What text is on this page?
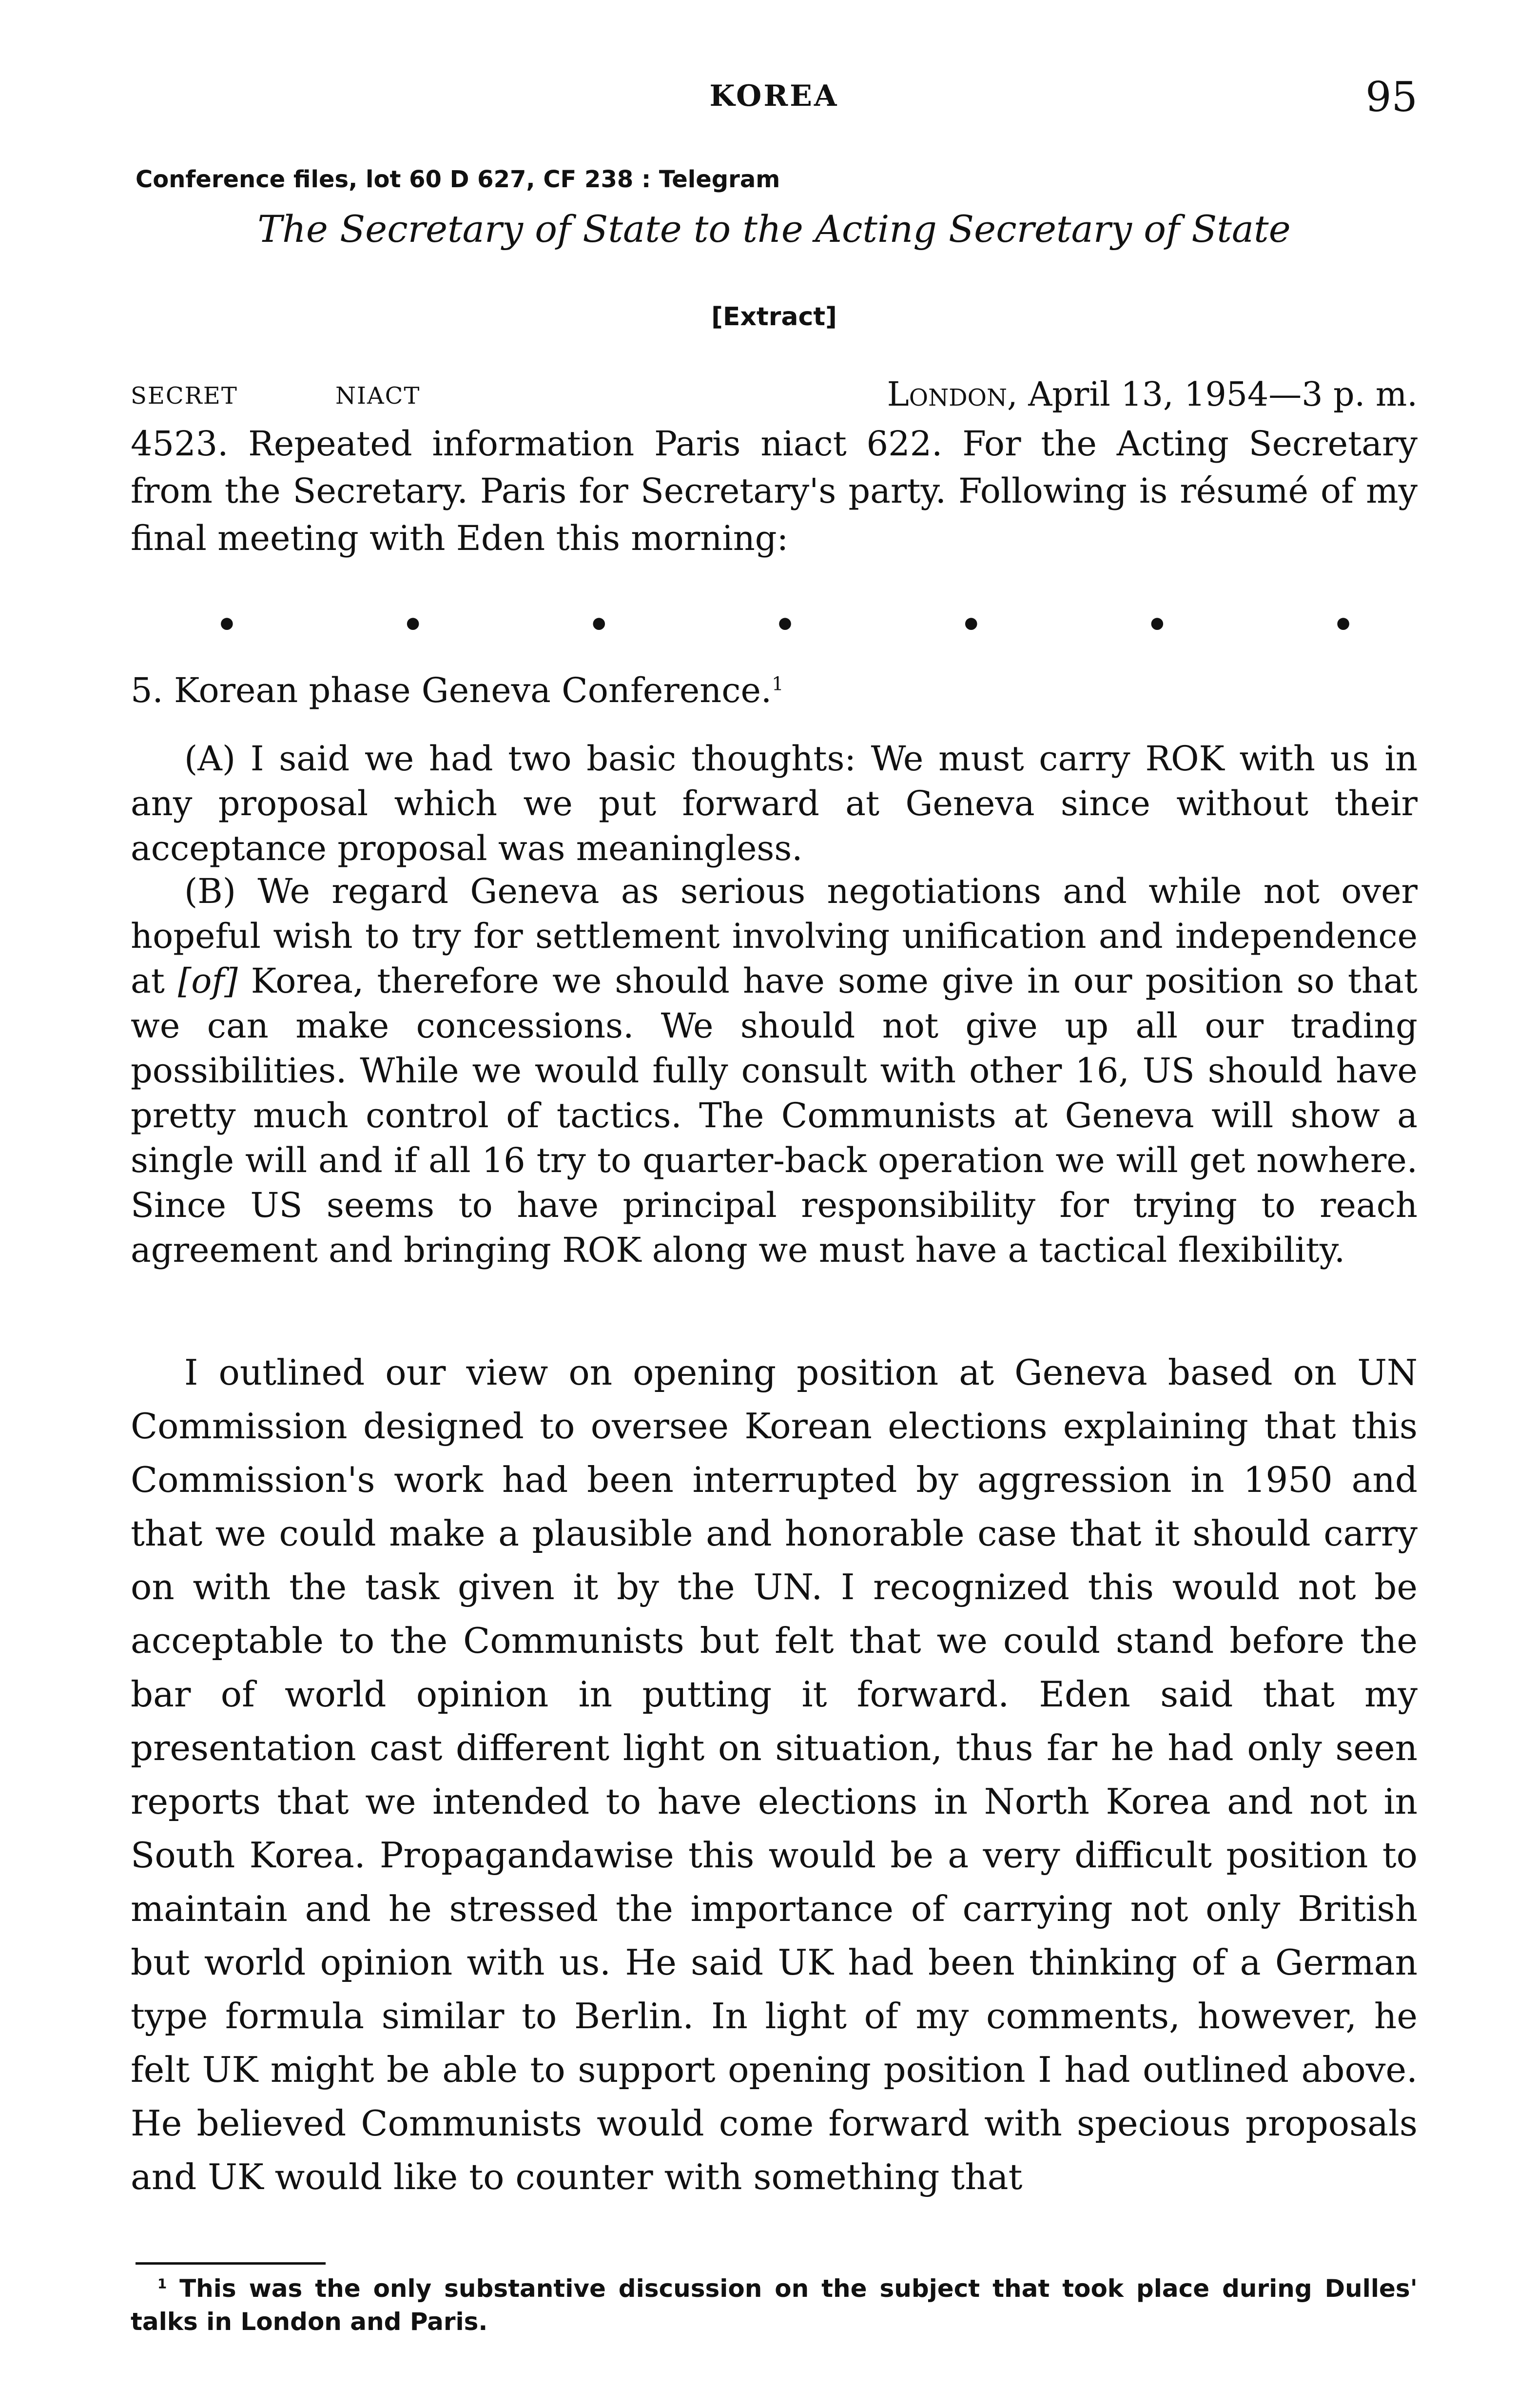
KOREA	95
Conference files, lot 60 D 627, CF 238 : Telegram
The Secretary of State to the Acting Secretary of State
[Extract]
SECRET	NIACT	London, April 13, 1954—3 p. m.
4523. Repeated information Paris niact 622. For the Acting Secretary from the Secretary. Paris for Secretary's party. Following is résumé of my final meeting with Eden this morning:
•	•	•	•	•	•	•
5. Korean phase Geneva Conference.$^1$
(A) I said we had two basic thoughts: We must carry ROK with us in any proposal which we put forward at Geneva since without their acceptance proposal was meaningless.
(B) We regard Geneva as serious negotiations and while not over hopeful wish to try for settlement involving unification and independence at [of] Korea, therefore we should have some give in our position so that we can make concessions. We should not give up all our trading possibilities. While we would fully consult with other 16, US should have pretty much control of tactics. The Communists at Geneva will show a single will and if all 16 try to quarter-back operation we will get nowhere. Since US seems to have principal responsibility for trying to reach agreement and bringing ROK along we must have a tactical flexibility.
I outlined our view on opening position at Geneva based on UN Commission designed to oversee Korean elections explaining that this Commission's work had been interrupted by aggression in 1950 and that we could make a plausible and honorable case that it should carry on with the task given it by the UN. I recognized this would not be acceptable to the Communists but felt that we could stand before the bar of world opinion in putting it forward. Eden said that my presentation cast different light on situation, thus far he had only seen reports that we intended to have elections in North Korea and not in South Korea. Propagandawise this would be a very difficult position to maintain and he stressed the importance of carrying not only British but world opinion with us. He said UK had been thinking of a German type formula similar to Berlin. In light of my comments, however, he felt UK might be able to support opening position I had outlined above. He believed Communists would come forward with specious proposals and UK would like to counter with something that
$^1$ This was the only substantive discussion on the subject that took place during Dulles' talks in London and Paris.
